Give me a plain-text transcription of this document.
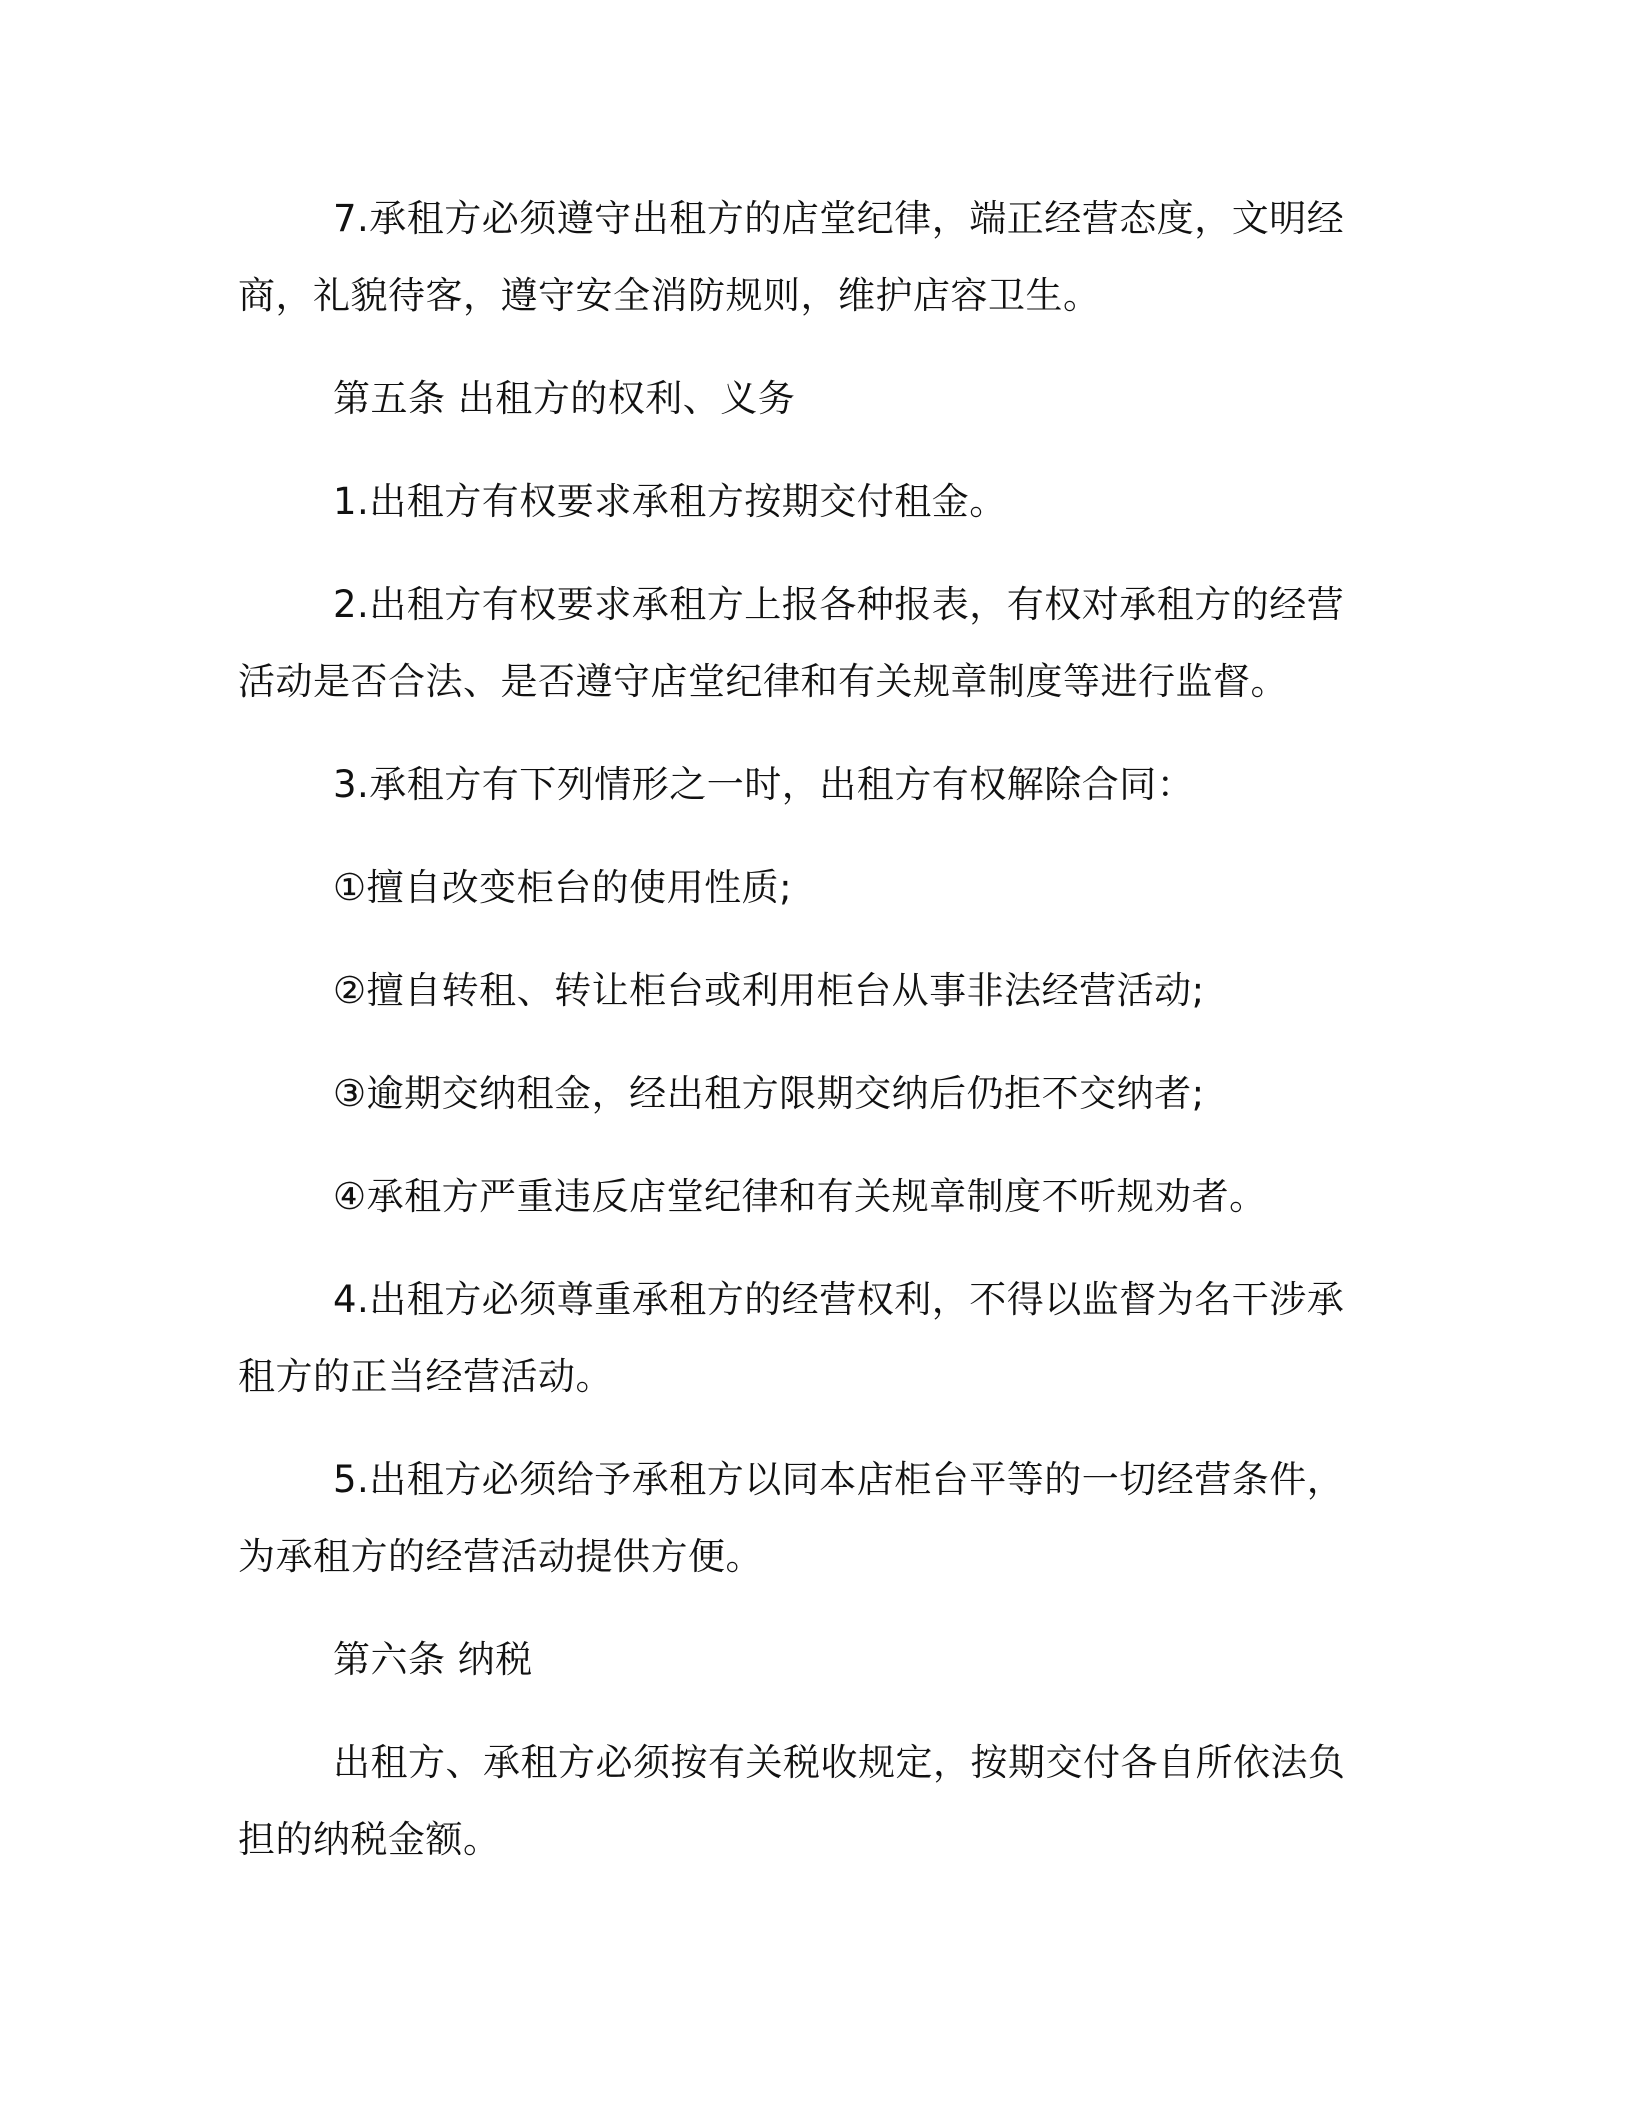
7.承租方必须遵守出租方的店堂纪律，端正经营态度，文明经商，礼貌待客，遵守安全消防规则，维护店容卫生。

第五条 出租方的权利、义务

1.出租方有权要求承租方按期交付租金。

2.出租方有权要求承租方上报各种报表，有权对承租方的经营活动是否合法、是否遵守店堂纪律和有关规章制度等进行监督。

3.承租方有下列情形之一时，出租方有权解除合同：

①擅自改变柜台的使用性质;

②擅自转租、转让柜台或利用柜台从事非法经营活动;

③逾期交纳租金，经出租方限期交纳后仍拒不交纳者;

④承租方严重违反店堂纪律和有关规章制度不听规劝者。

4.出租方必须尊重承租方的经营权利，不得以监督为名干涉承租方的正当经营活动。

5.出租方必须给予承租方以同本店柜台平等的一切经营条件，为承租方的经营活动提供方便。

第六条 纳税

出租方、承租方必须按有关税收规定，按期交付各自所依法负担的纳税金额。
